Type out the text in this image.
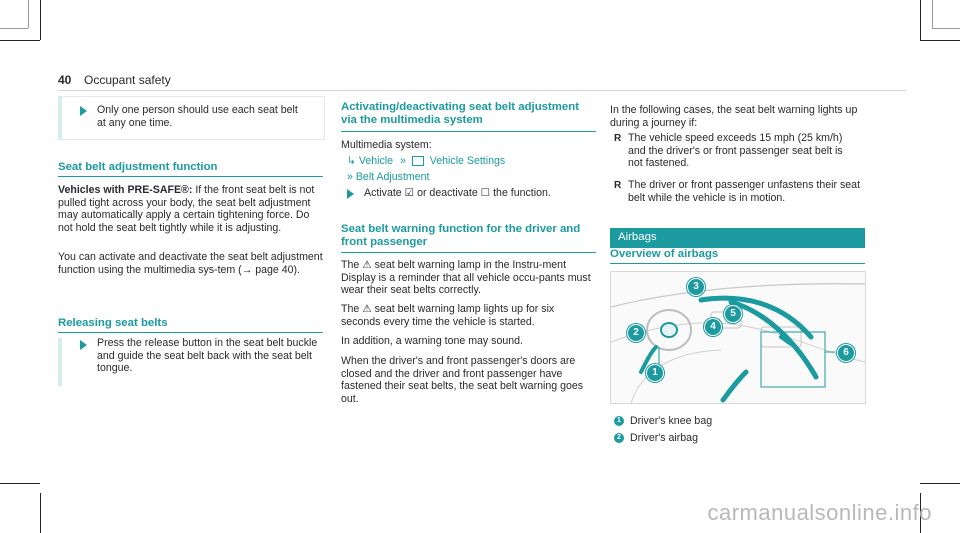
40 Occupant safety
Only one person should use each seat belt at any one time.
Seat belt adjustment function
Vehicles with PRE-SAFE®: If the front seat belt is not pulled tight across your body, the seat belt adjustment may automatically apply a certain tightening force. Do not hold the seat belt tightly while it is adjusting.
You can activate and deactivate the seat belt adjustment function using the multimedia sys-tem (→ page 40).
Releasing seat belts
Press the release button in the seat belt buckle and guide the seat belt back with the seat belt tongue.
Activating/deactivating seat belt adjustment via the multimedia system
Multimedia system:
↳ Vehicle » Vehicle Settings
» Belt Adjustment
Activate ☑ or deactivate ☐ the function.
Seat belt warning function for the driver and front passenger
The ⚠ seat belt warning lamp in the Instru-ment Display is a reminder that all vehicle occu-pants must wear their seat belts correctly.
The ⚠ seat belt warning lamp lights up for six seconds every time the vehicle is started.
In addition, a warning tone may sound.
When the driver's and front passenger's doors are closed and the driver and front passenger have fastened their seat belts, the seat belt warning goes out.
In the following cases, the seat belt warning lights up during a journey if:
R The vehicle speed exceeds 15 mph (25 km/h) and the driver's or front passenger seat belt is not fastened.
R The driver or front passenger unfastens their seat belt while the vehicle is in motion.
Airbags
Overview of airbags
1
2
3
4
5
6
1 Driver's knee bag
2 Driver's airbag
carmanualsonline.info
